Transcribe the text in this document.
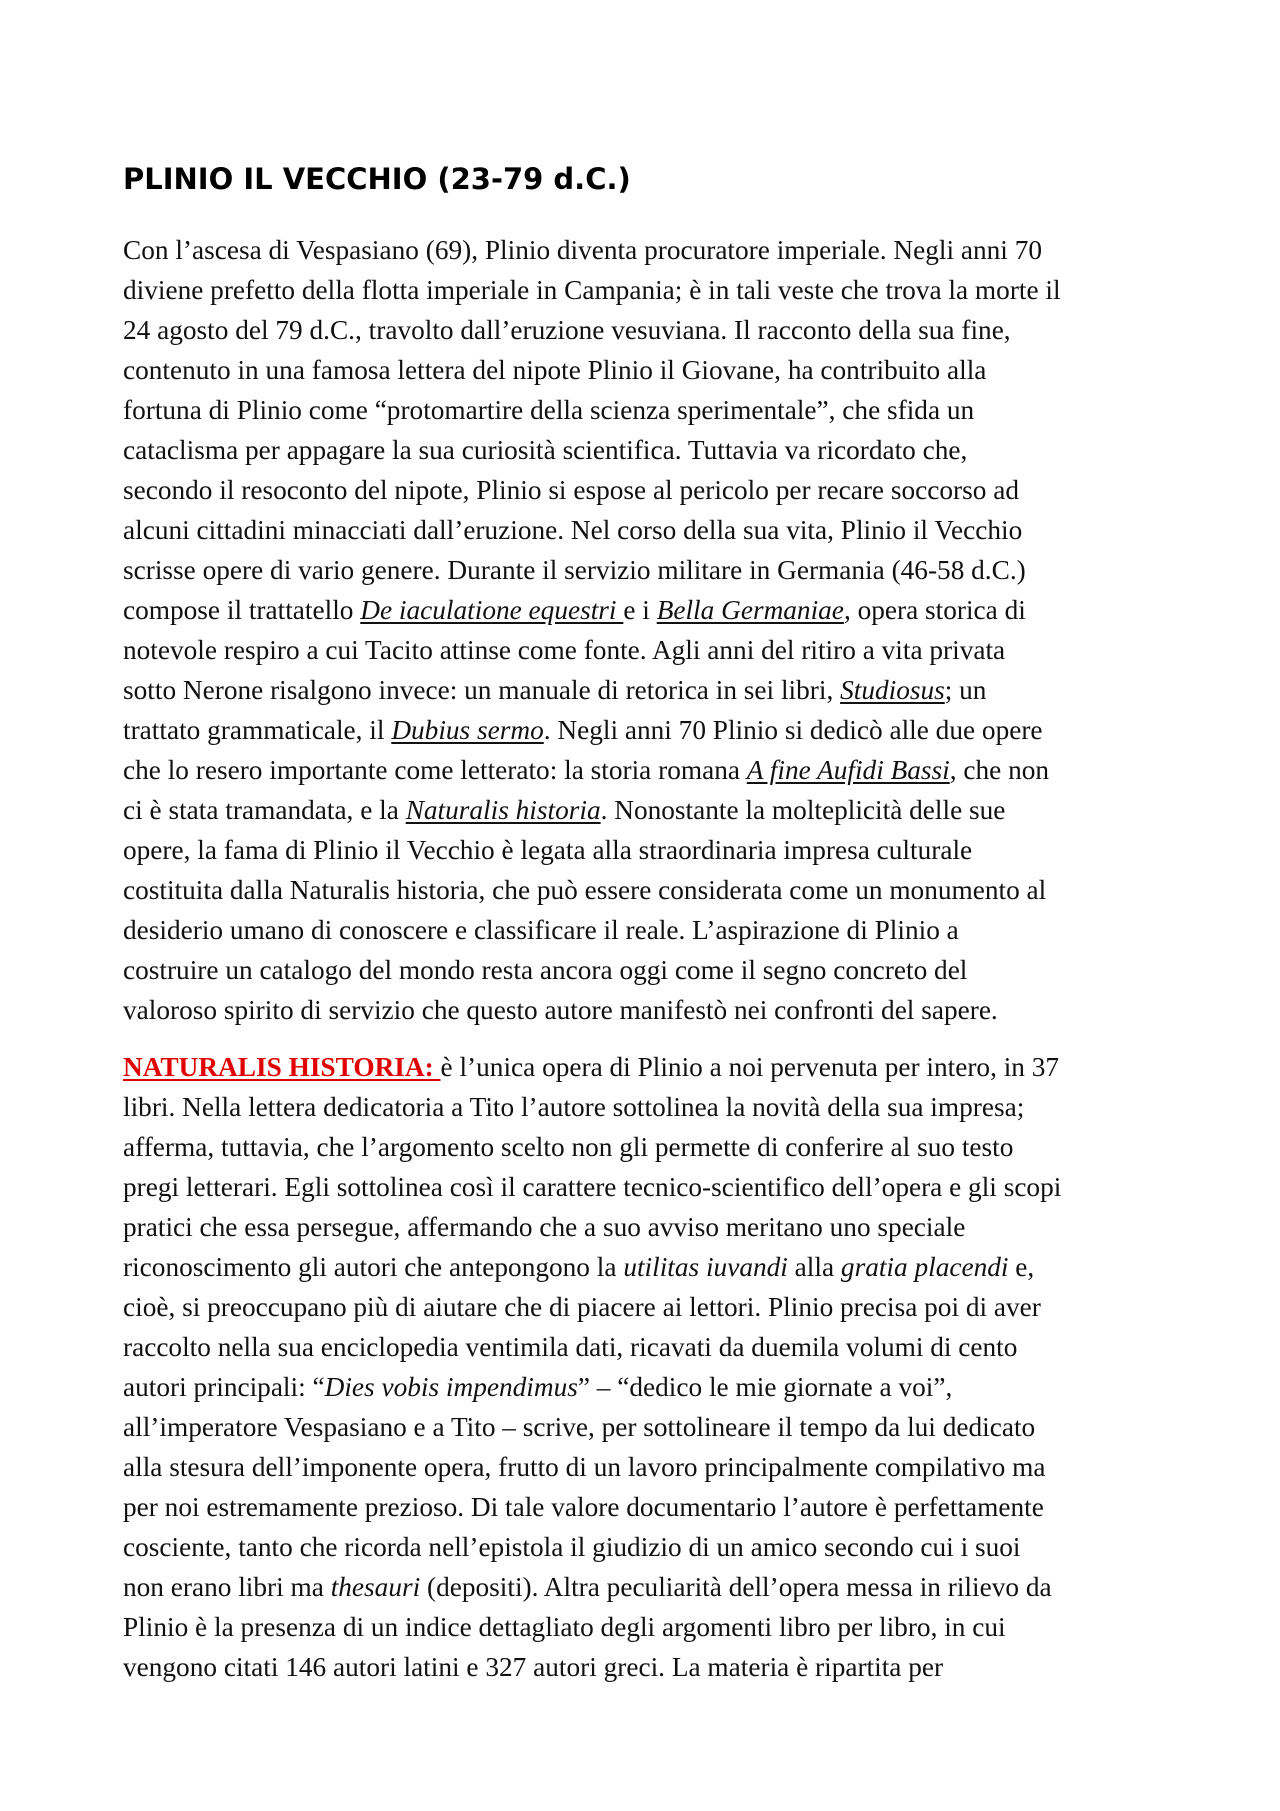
PLINIO IL VECCHIO (23-79 d.C.)

Con l’ascesa di Vespasiano (69), Plinio diventa procuratore imperiale. Negli anni 70
diviene prefetto della flotta imperiale in Campania; è in tali veste che trova la morte il
24 agosto del 79 d.C., travolto dall’eruzione vesuviana. Il racconto della sua fine,
contenuto in una famosa lettera del nipote Plinio il Giovane, ha contribuito alla
fortuna di Plinio come “protomartire della scienza sperimentale”, che sfida un
cataclisma per appagare la sua curiosità scientifica. Tuttavia va ricordato che,
secondo il resoconto del nipote, Plinio si espose al pericolo per recare soccorso ad
alcuni cittadini minacciati dall’eruzione. Nel corso della sua vita, Plinio il Vecchio
scrisse opere di vario genere. Durante il servizio militare in Germania (46-58 d.C.)
compose il trattatello De iaculatione equestri e i Bella Germaniae, opera storica di
notevole respiro a cui Tacito attinse come fonte. Agli anni del ritiro a vita privata
sotto Nerone risalgono invece: un manuale di retorica in sei libri, Studiosus; un
trattato grammaticale, il Dubius sermo. Negli anni 70 Plinio si dedicò alle due opere
che lo resero importante come letterato: la storia romana A fine Aufidi Bassi, che non
ci è stata tramandata, e la Naturalis historia. Nonostante la molteplicità delle sue
opere, la fama di Plinio il Vecchio è legata alla straordinaria impresa culturale
costituita dalla Naturalis historia, che può essere considerata come un monumento al
desiderio umano di conoscere e classificare il reale. L’aspirazione di Plinio a
costruire un catalogo del mondo resta ancora oggi come il segno concreto del
valoroso spirito di servizio che questo autore manifestò nei confronti del sapere.

NATURALIS HISTORIA: è l’unica opera di Plinio a noi pervenuta per intero, in 37
libri. Nella lettera dedicatoria a Tito l’autore sottolinea la novità della sua impresa;
afferma, tuttavia, che l’argomento scelto non gli permette di conferire al suo testo
pregi letterari. Egli sottolinea così il carattere tecnico-scientifico dell’opera e gli scopi
pratici che essa persegue, affermando che a suo avviso meritano uno speciale
riconoscimento gli autori che antepongono la utilitas iuvandi alla gratia placendi e,
cioè, si preoccupano più di aiutare che di piacere ai lettori. Plinio precisa poi di aver
raccolto nella sua enciclopedia ventimila dati, ricavati da duemila volumi di cento
autori principali: “Dies vobis impendimus” – “dedico le mie giornate a voi”,
all’imperatore Vespasiano e a Tito – scrive, per sottolineare il tempo da lui dedicato
alla stesura dell’imponente opera, frutto di un lavoro principalmente compilativo ma
per noi estremamente prezioso. Di tale valore documentario l’autore è perfettamente
cosciente, tanto che ricorda nell’epistola il giudizio di un amico secondo cui i suoi
non erano libri ma thesauri (depositi). Altra peculiarità dell’opera messa in rilievo da
Plinio è la presenza di un indice dettagliato degli argomenti libro per libro, in cui
vengono citati 146 autori latini e 327 autori greci. La materia è ripartita per
